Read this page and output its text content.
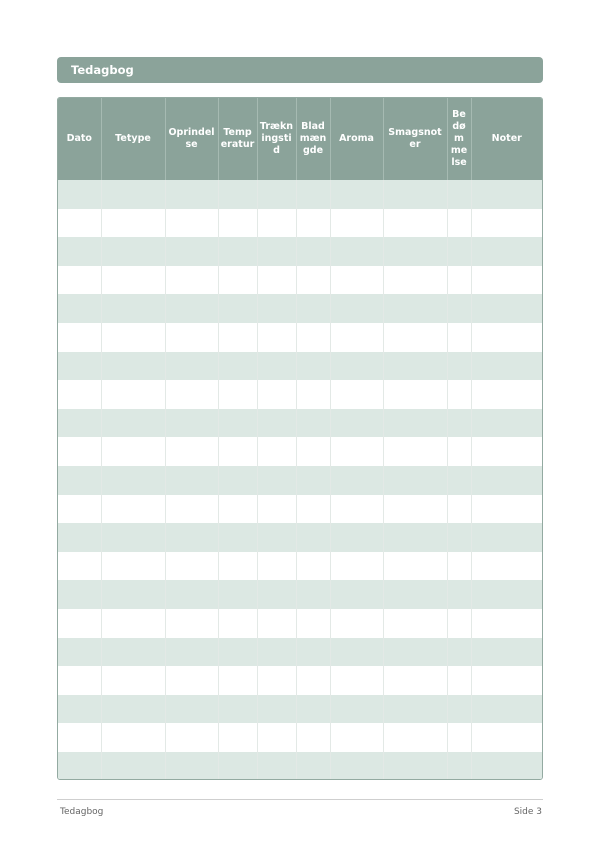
Tedagbog
Dato	Tetype	Oprindelse	Temperatur	Trækningstid	Bladmængde	Aroma	Smagsnoter	Bedømmelse	Noter

Tedagbog	Side 3
